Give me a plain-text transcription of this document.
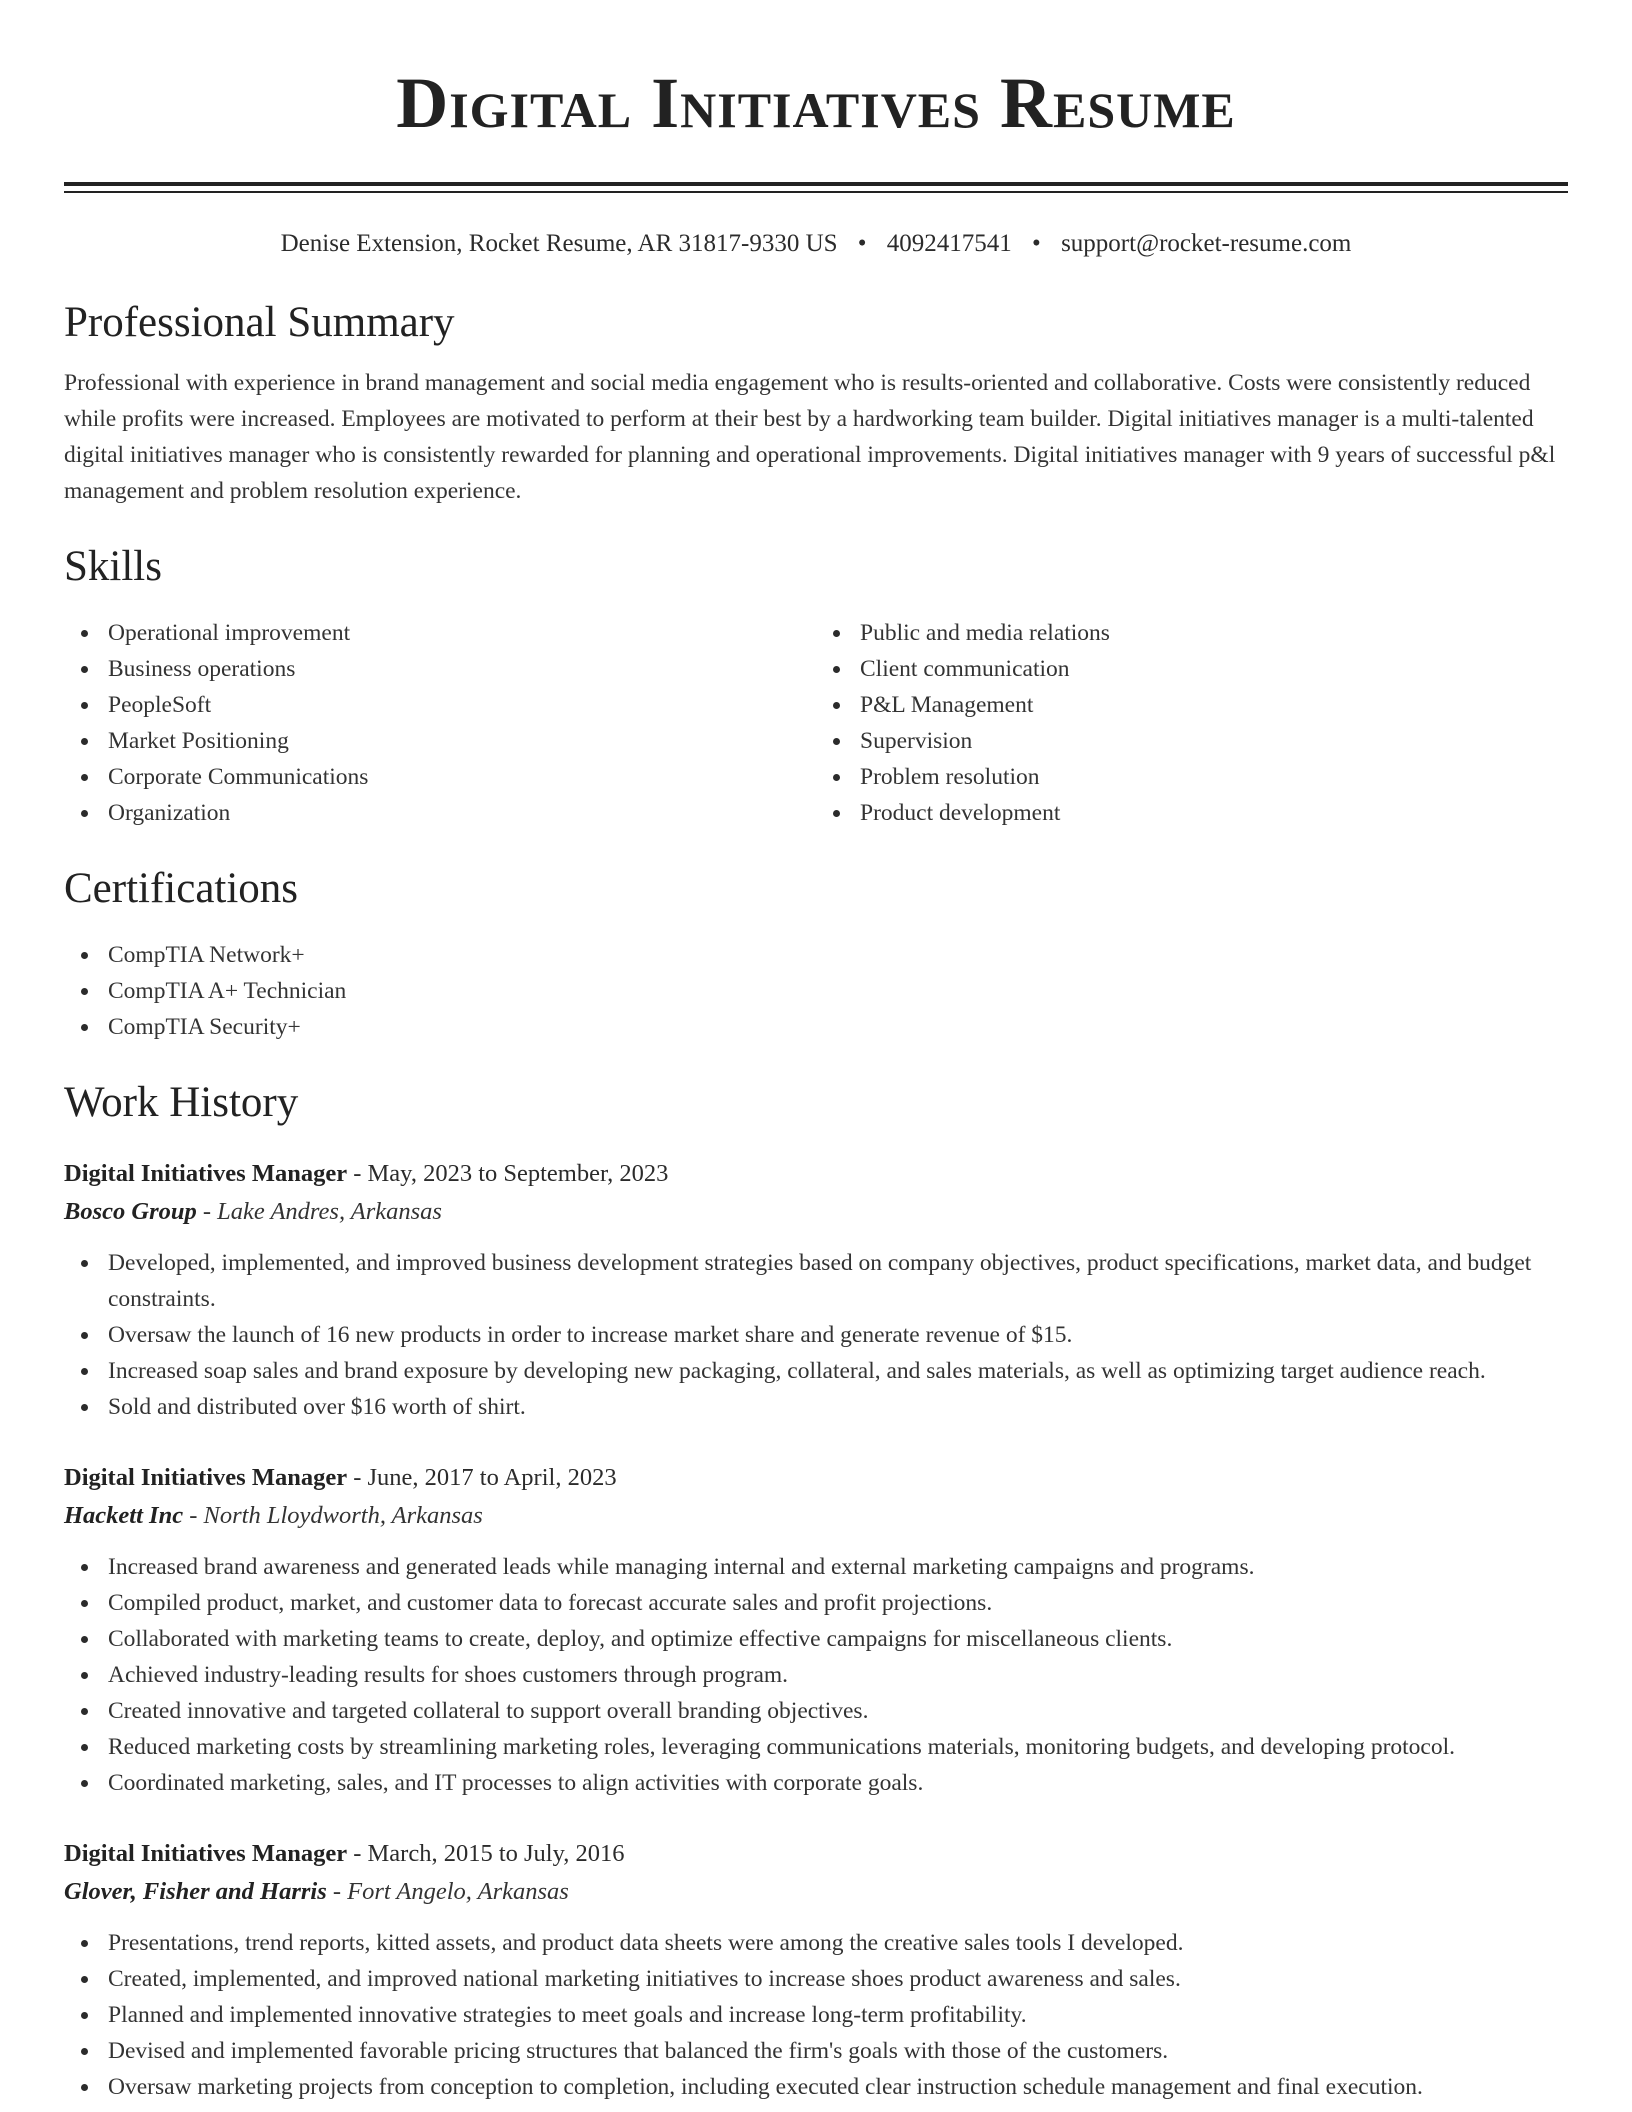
Digital Initiatives Resume
Denise Extension, Rocket Resume, AR 31817-9330 US • 4092417541 • support@rocket-resume.com
Professional Summary

Professional with experience in brand management and social media engagement who is results-oriented and collaborative. Costs were consistently reduced while profits were increased. Employees are motivated to perform at their best by a hardworking team builder. Digital initiatives manager is a multi-talented digital initiatives manager who is consistently rewarded for planning and operational improvements. Digital initiatives manager with 9 years of successful p&l management and problem resolution experience.

Skills
Operational improvement
Business operations
PeopleSoft
Market Positioning
Corporate Communications
Organization
Public and media relations
Client communication
P&L Management
Supervision
Problem resolution
Product development
Certifications
CompTIA Network+
CompTIA A+ Technician
CompTIA Security+
Work History
Digital Initiatives Manager - May, 2023 to September, 2023
Bosco Group - Lake Andres, Arkansas
Developed, implemented, and improved business development strategies based on company objectives, product specifications, market data, and budget constraints.
Oversaw the launch of 16 new products in order to increase market share and generate revenue of $15.
Increased soap sales and brand exposure by developing new packaging, collateral, and sales materials, as well as optimizing target audience reach.
Sold and distributed over $16 worth of shirt.
Digital Initiatives Manager - June, 2017 to April, 2023
Hackett Inc - North Lloydworth, Arkansas
Increased brand awareness and generated leads while managing internal and external marketing campaigns and programs.
Compiled product, market, and customer data to forecast accurate sales and profit projections.
Collaborated with marketing teams to create, deploy, and optimize effective campaigns for miscellaneous clients.
Achieved industry-leading results for shoes customers through program.
Created innovative and targeted collateral to support overall branding objectives.
Reduced marketing costs by streamlining marketing roles, leveraging communications materials, monitoring budgets, and developing protocol.
Coordinated marketing, sales, and IT processes to align activities with corporate goals.
Digital Initiatives Manager - March, 2015 to July, 2016
Glover, Fisher and Harris - Fort Angelo, Arkansas
Presentations, trend reports, kitted assets, and product data sheets were among the creative sales tools I developed.
Created, implemented, and improved national marketing initiatives to increase shoes product awareness and sales.
Planned and implemented innovative strategies to meet goals and increase long-term profitability.
Devised and implemented favorable pricing structures that balanced the firm's goals with those of the customers.
Oversaw marketing projects from conception to completion, including executed clear instruction schedule management and final execution.
